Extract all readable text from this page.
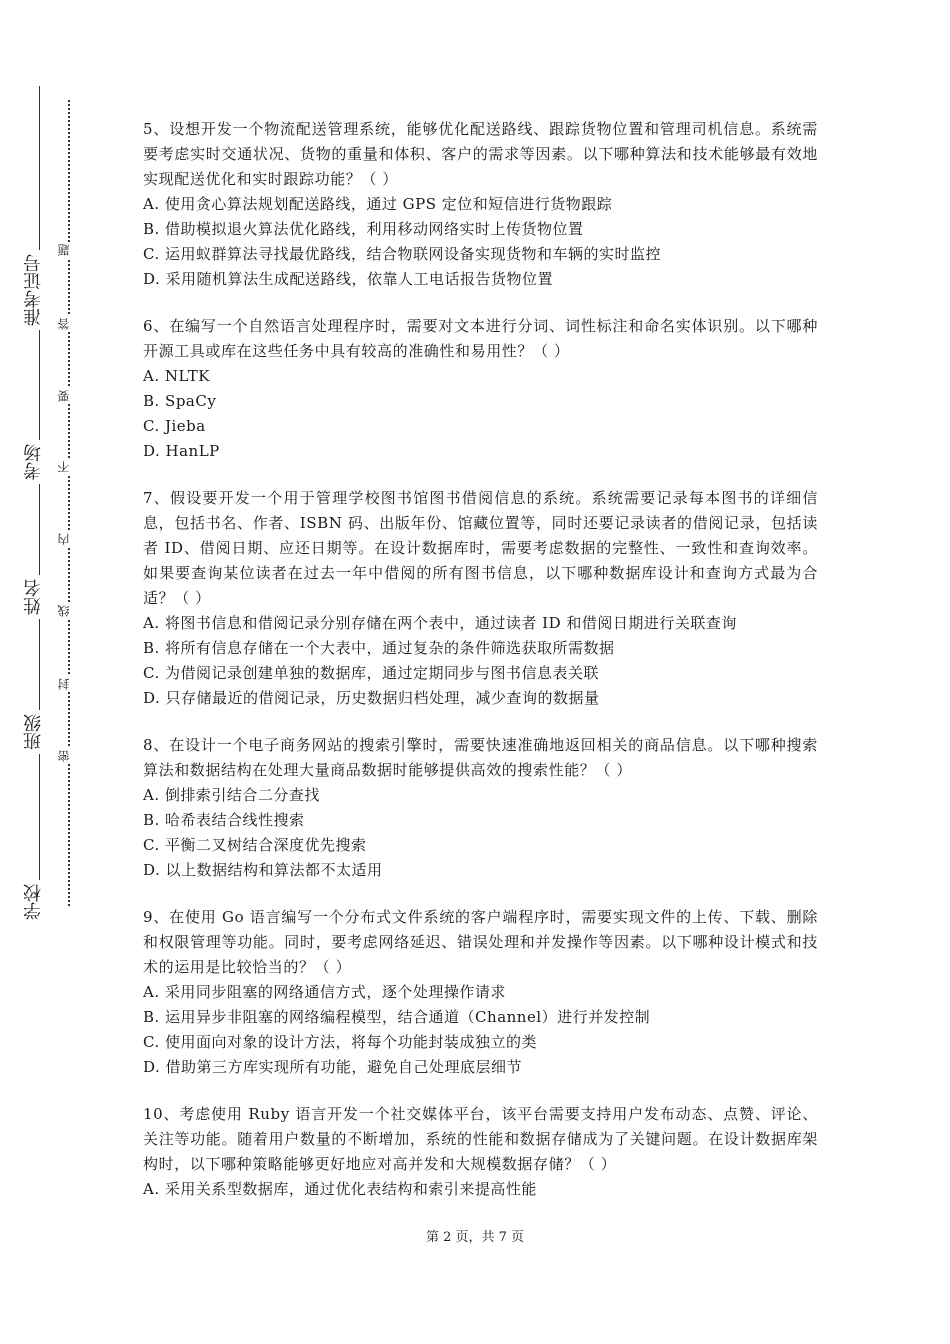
准考证号
考场
姓名
班级
学校
题
答
要
不
内
线
封
密

5、设想开发一个物流配送管理系统，能够优化配送路线、跟踪货物位置和管理司机信息。系统需要考虑实时交通状况、货物的重量和体积、客户的需求等因素。以下哪种算法和技术能够最有效地实现配送优化和实时跟踪功能？（ ）

A. 使用贪心算法规划配送路线，通过 GPS 定位和短信进行货物跟踪

B. 借助模拟退火算法优化路线，利用移动网络实时上传货物位置

C. 运用蚁群算法寻找最优路线，结合物联网设备实现货物和车辆的实时监控

D. 采用随机算法生成配送路线，依靠人工电话报告货物位置

6、在编写一个自然语言处理程序时，需要对文本进行分词、词性标注和命名实体识别。以下哪种开源工具或库在这些任务中具有较高的准确性和易用性？（ ）

A. NLTK

B. SpaCy

C. Jieba

D. HanLP

7、假设要开发一个用于管理学校图书馆图书借阅信息的系统。系统需要记录每本图书的详细信息，包括书名、作者、ISBN 码、出版年份、馆藏位置等，同时还要记录读者的借阅记录，包括读者 ID、借阅日期、应还日期等。在设计数据库时，需要考虑数据的完整性、一致性和查询效率。如果要查询某位读者在过去一年中借阅的所有图书信息，以下哪种数据库设计和查询方式最为合适？（ ）

A. 将图书信息和借阅记录分别存储在两个表中，通过读者 ID 和借阅日期进行关联查询

B. 将所有信息存储在一个大表中，通过复杂的条件筛选获取所需数据

C. 为借阅记录创建单独的数据库，通过定期同步与图书信息表关联

D. 只存储最近的借阅记录，历史数据归档处理，减少查询的数据量

8、在设计一个电子商务网站的搜索引擎时，需要快速准确地返回相关的商品信息。以下哪种搜索算法和数据结构在处理大量商品数据时能够提供高效的搜索性能？（ ）

A. 倒排索引结合二分查找

B. 哈希表结合线性搜索

C. 平衡二叉树结合深度优先搜索

D. 以上数据结构和算法都不太适用

9、在使用 Go 语言编写一个分布式文件系统的客户端程序时，需要实现文件的上传、下载、删除和权限管理等功能。同时，要考虑网络延迟、错误处理和并发操作等因素。以下哪种设计模式和技术的运用是比较恰当的？（ ）

A. 采用同步阻塞的网络通信方式，逐个处理操作请求

B. 运用异步非阻塞的网络编程模型，结合通道（Channel）进行并发控制

C. 使用面向对象的设计方法，将每个功能封装成独立的类

D. 借助第三方库实现所有功能，避免自己处理底层细节

10、考虑使用 Ruby 语言开发一个社交媒体平台，该平台需要支持用户发布动态、点赞、评论、关注等功能。随着用户数量的不断增加，系统的性能和数据存储成为了关键问题。在设计数据库架构时，以下哪种策略能够更好地应对高并发和大规模数据存储？（ ）

A. 采用关系型数据库，通过优化表结构和索引来提高性能

第 2 页，共 7 页
